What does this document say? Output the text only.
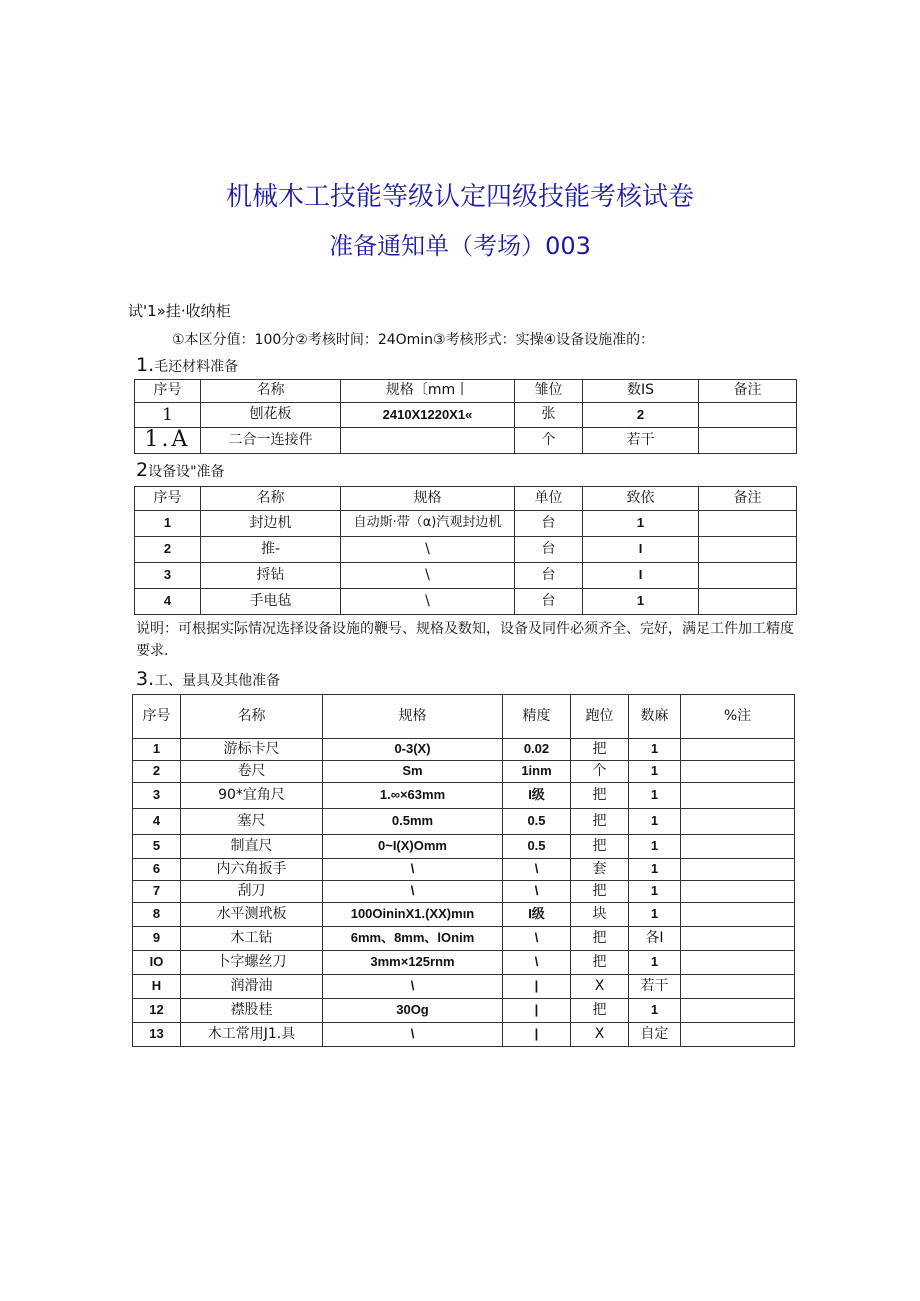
机械木工技能等级认定四级技能考核试卷
准备通知单（考场）003
试'1»挂·收纳柜
①本区分值：100分②考核时间：24Omin③考核形式：实操④设备设施准的：
1.毛还材料准备
序号	名称	规格〔mm丨	雏位	数IS	备注
1	刨花板	2410X1220X1«	张	2	
1.A	二合一连接件		个	若干	
2设备设"准备
序号	名称	规格	单位	致依	备注
1	封边机	自动斯·带（α)汽观封边机	台	1	
2	推-	\	台	I	
3	捋钻	\	台	I	
4	手电毡	\	台	1	
说明：可根据实际情况选择设备设施的鞭号、规格及数知，设备及同件必须齐全、完好，满足工件加工精度要求.
3.工、量具及其他准备
序号	名称	规格	精度	跑位	数麻	%注
1	游标卡尺	0-3(X)	0.02	把	1	
2	卷尺	Sm	1inm	个	1	
3	90*宜角尺	1.∞×63mm	I级	把	1	
4	塞尺	0.5mm	0.5	把	1	
5	制直尺	0~I(X)Omm	0.5	把	1	
6	内六角扳手	\	\	套	1	
7	刮刀	\	\	把	1	
8	水平测玳板	100OininX1.(XX)mιn	I级	块	1	
9	木工钻	6mm、8mm、lOnim	\	把	各I	
IO	卜字螺丝刀	3mm×125rnm	\	把	1	
H	润滑油	\	|	X	若干	
12	襟股桂	30Og	|	把	1	
13	木工常用J1.具	\	|	X	自定	
